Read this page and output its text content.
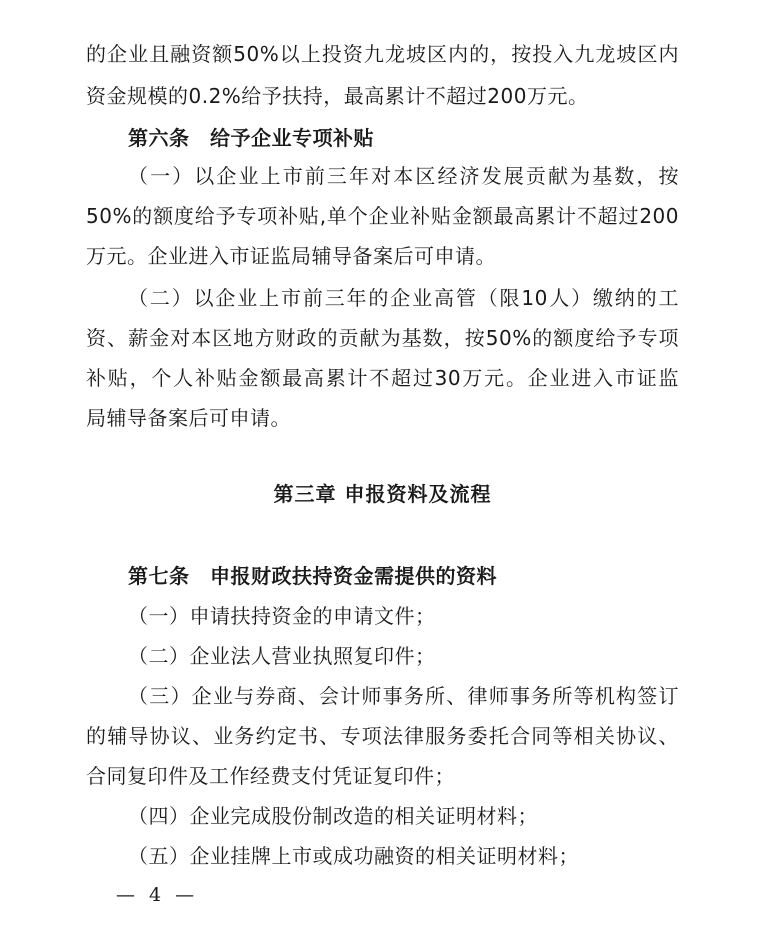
的企业且融资额50%以上投资九龙坡区内的，按投入九龙坡区内
资金规模的0.2%给予扶持，最高累计不超过200万元。
第六条　给予企业专项补贴
（一）以企业上市前三年对本区经济发展贡献为基数，按
50%的额度给予专项补贴,单个企业补贴金额最高累计不超过200
万元。企业进入市证监局辅导备案后可申请。
（二）以企业上市前三年的企业高管（限10人）缴纳的工
资、薪金对本区地方财政的贡献为基数，按50%的额度给予专项
补贴，个人补贴金额最高累计不超过30万元。企业进入市证监
局辅导备案后可申请。
第三章 申报资料及流程
第七条　申报财政扶持资金需提供的资料
（一）申请扶持资金的申请文件；
（二）企业法人营业执照复印件；
（三）企业与券商、会计师事务所、律师事务所等机构签订
的辅导协议、业务约定书、专项法律服务委托合同等相关协议、
合同复印件及工作经费支付凭证复印件；
（四）企业完成股份制改造的相关证明材料；
（五）企业挂牌上市或成功融资的相关证明材料；
— 4 —
